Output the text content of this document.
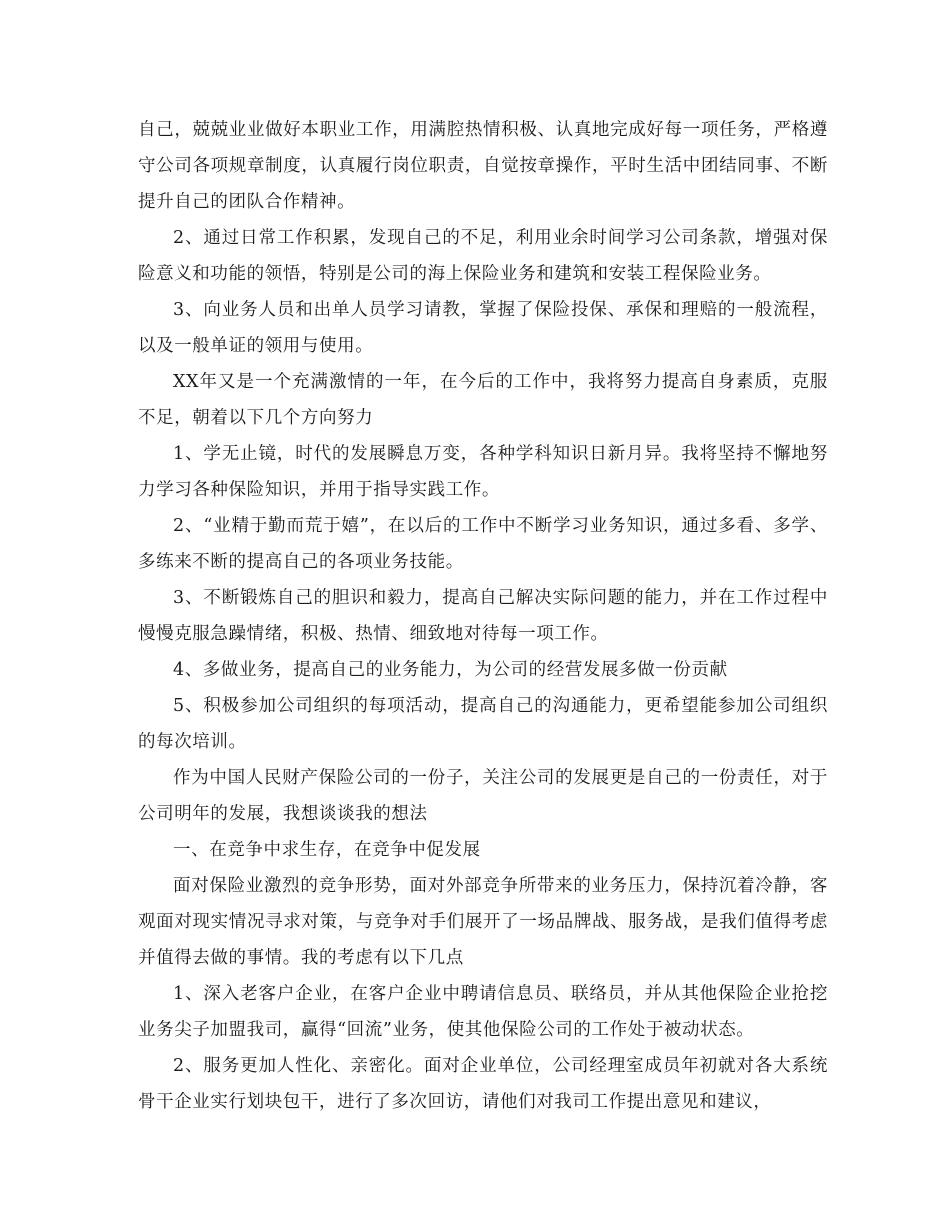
自己，兢兢业业做好本职业工作，用满腔热情积极、认真地完成好每一项任务，严格遵守公司各项规章制度，认真履行岗位职责，自觉按章操作，平时生活中团结同事、不断提升自己的团队合作精神。

2、通过日常工作积累，发现自己的不足，利用业余时间学习公司条款，增强对保险意义和功能的领悟，特别是公司的海上保险业务和建筑和安装工程保险业务。

3、向业务人员和出单人员学习请教，掌握了保险投保、承保和理赔的一般流程，以及一般单证的领用与使用。

XX年又是一个充满激情的一年，在今后的工作中，我将努力提高自身素质，克服不足，朝着以下几个方向努力

1、学无止镜，时代的发展瞬息万变，各种学科知识日新月异。我将坚持不懈地努力学习各种保险知识，并用于指导实践工作。

2、“业精于勤而荒于嬉”，在以后的工作中不断学习业务知识，通过多看、多学、多练来不断的提高自己的各项业务技能。

3、不断锻炼自己的胆识和毅力，提高自己解决实际问题的能力，并在工作过程中慢慢克服急躁情绪，积极、热情、细致地对待每一项工作。

4、多做业务，提高自己的业务能力，为公司的经营发展多做一份贡献

5、积极参加公司组织的每项活动，提高自己的沟通能力，更希望能参加公司组织的每次培训。

作为中国人民财产保险公司的一份子，关注公司的发展更是自己的一份责任，对于公司明年的发展，我想谈谈我的想法

一、在竞争中求生存，在竞争中促发展

面对保险业激烈的竞争形势，面对外部竞争所带来的业务压力，保持沉着冷静，客观面对现实情况寻求对策，与竞争对手们展开了一场品牌战、服务战，是我们值得考虑并值得去做的事情。我的考虑有以下几点

1、深入老客户企业，在客户企业中聘请信息员、联络员，并从其他保险企业抢挖业务尖子加盟我司，赢得“回流”业务，使其他保险公司的工作处于被动状态。

2、服务更加人性化、亲密化。面对企业单位，公司经理室成员年初就对各大系统骨干企业实行划块包干，进行了多次回访，请他们对我司工作提出意见和建议，
